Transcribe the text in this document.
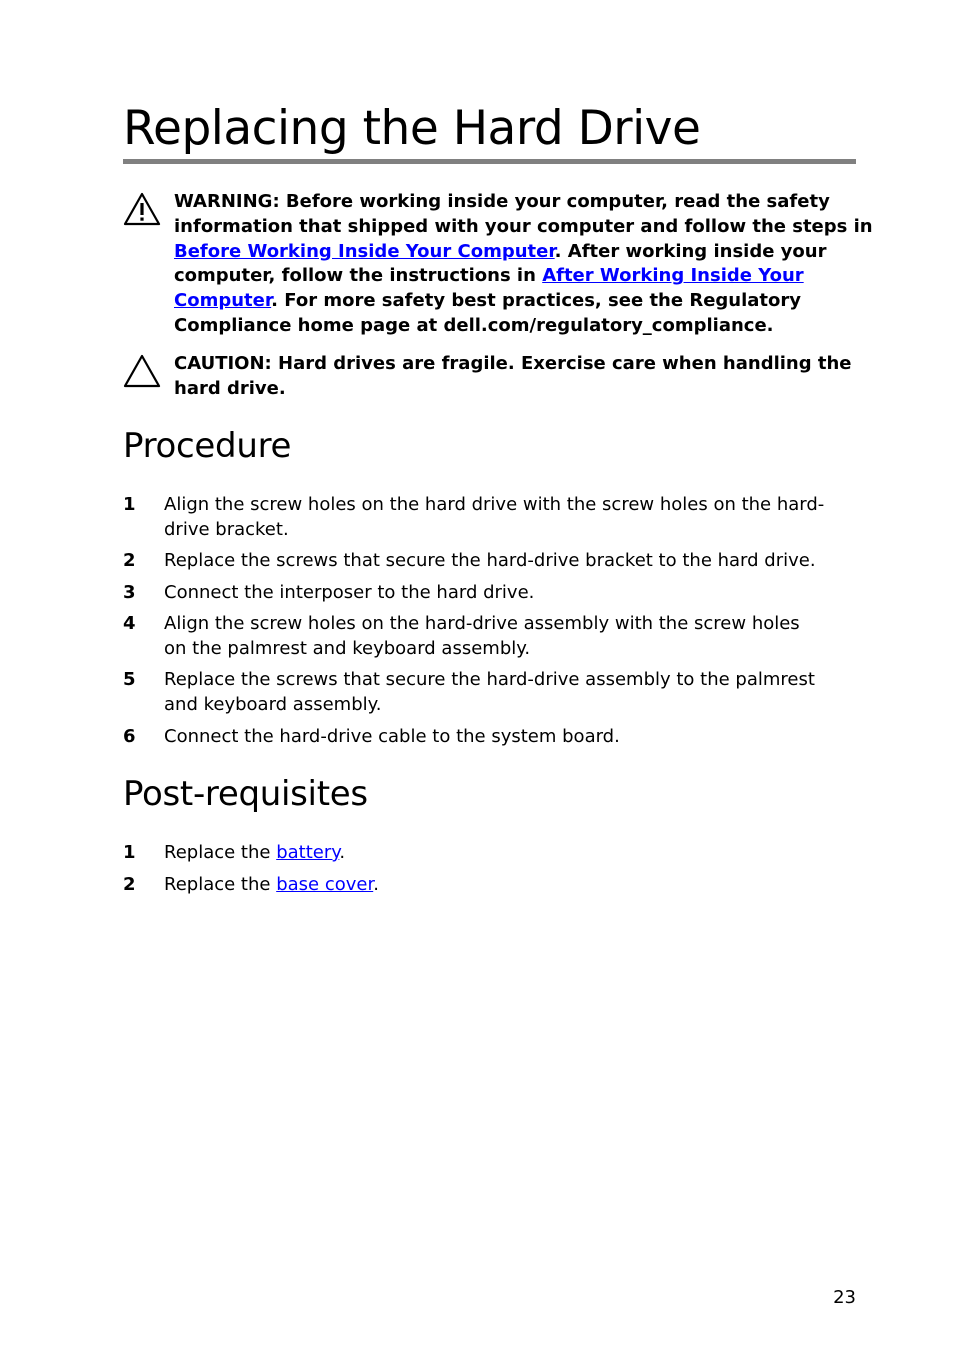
Replacing the Hard Drive
WARNING: Before working inside your computer, read the safety
information that shipped with your computer and follow the steps in
Before Working Inside Your Computer. After working inside your
computer, follow the instructions in After Working Inside Your
Computer. For more safety best practices, see the Regulatory
Compliance home page at dell.com/regulatory_compliance.
CAUTION: Hard drives are fragile. Exercise care when handling the
hard drive.
Procedure
1 Align the screw holes on the hard drive with the screw holes on the hard-
drive bracket.
2 Replace the screws that secure the hard-drive bracket to the hard drive.
3 Connect the interposer to the hard drive.
4 Align the screw holes on the hard-drive assembly with the screw holes
on the palmrest and keyboard assembly.
5 Replace the screws that secure the hard-drive assembly to the palmrest
and keyboard assembly.
6 Connect the hard-drive cable to the system board.
Post-requisites
1 Replace the battery.
2 Replace the base cover.
23
